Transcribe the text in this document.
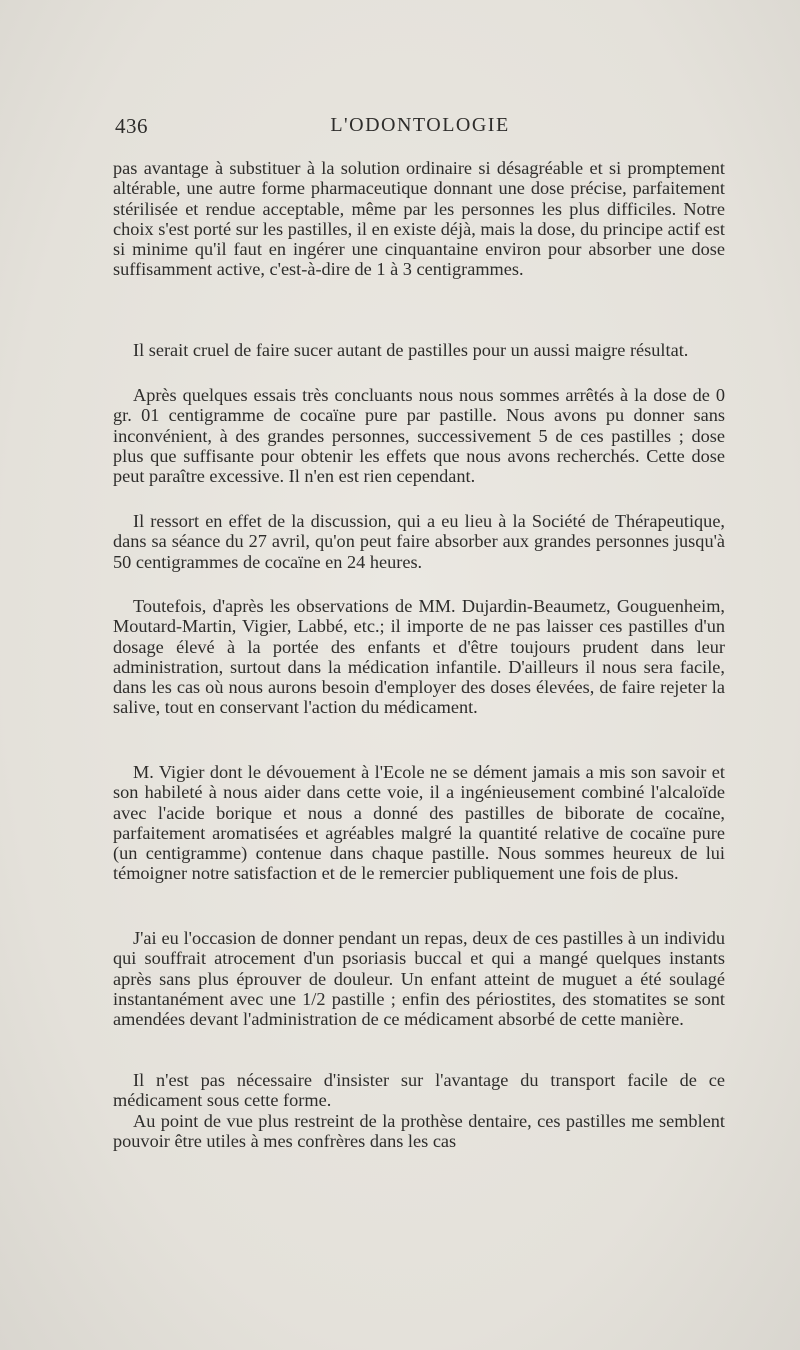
436	L'ODONTOLOGIE

pas avantage à substituer à la solution ordinaire si désagréable et si promptement altérable, une autre forme pharmaceutique donnant une dose précise, parfaitement stérilisée et rendue acceptable, même par les personnes les plus difficiles. Notre choix s'est porté sur les pastilles, il en existe déjà, mais la dose, du principe actif est si minime qu'il faut en ingérer une cinquantaine environ pour absorber une dose suffisamment active, c'est-à-dire de 1 à 3 centigrammes.

Il serait cruel de faire sucer autant de pastilles pour un aussi maigre résultat.

Après quelques essais très concluants nous nous sommes arrêtés à la dose de 0 gr. 01 centigramme de cocaïne pure par pastille. Nous avons pu donner sans inconvénient, à des grandes personnes, successivement 5 de ces pastilles ; dose plus que suffisante pour obtenir les effets que nous avons recherchés. Cette dose peut paraître excessive. Il n'en est rien cependant.

Il ressort en effet de la discussion, qui a eu lieu à la Société de Thérapeutique, dans sa séance du 27 avril, qu'on peut faire absorber aux grandes personnes jusqu'à 50 centigrammes de cocaïne en 24 heures.

Toutefois, d'après les observations de MM. Dujardin-Beaumetz, Gouguenheim, Moutard-Martin, Vigier, Labbé, etc.; il importe de ne pas laisser ces pastilles d'un dosage élevé à la portée des enfants et d'être toujours prudent dans leur administration, surtout dans la médication infantile. D'ailleurs il nous sera facile, dans les cas où nous aurons besoin d'employer des doses élevées, de faire rejeter la salive, tout en conservant l'action du médicament.

M. Vigier dont le dévouement à l'Ecole ne se dément jamais a mis son savoir et son habileté à nous aider dans cette voie, il a ingénieusement combiné l'alcaloïde avec l'acide borique et nous a donné des pastilles de biborate de cocaïne, parfaitement aromatisées et agréables malgré la quantité relative de cocaïne pure (un centigramme) contenue dans chaque pastille. Nous sommes heureux de lui témoigner notre satisfaction et de le remercier publiquement une fois de plus.

J'ai eu l'occasion de donner pendant un repas, deux de ces pastilles à un individu qui souffrait atrocement d'un psoriasis buccal et qui a mangé quelques instants après sans plus éprouver de douleur. Un enfant atteint de muguet a été soulagé instantanément avec une 1/2 pastille ; enfin des périostites, des stomatites se sont amendées devant l'administration de ce médicament absorbé de cette manière.

Il n'est pas nécessaire d'insister sur l'avantage du transport facile de ce médicament sous cette forme.

Au point de vue plus restreint de la prothèse dentaire, ces pastilles me semblent pouvoir être utiles à mes confrères dans les cas
